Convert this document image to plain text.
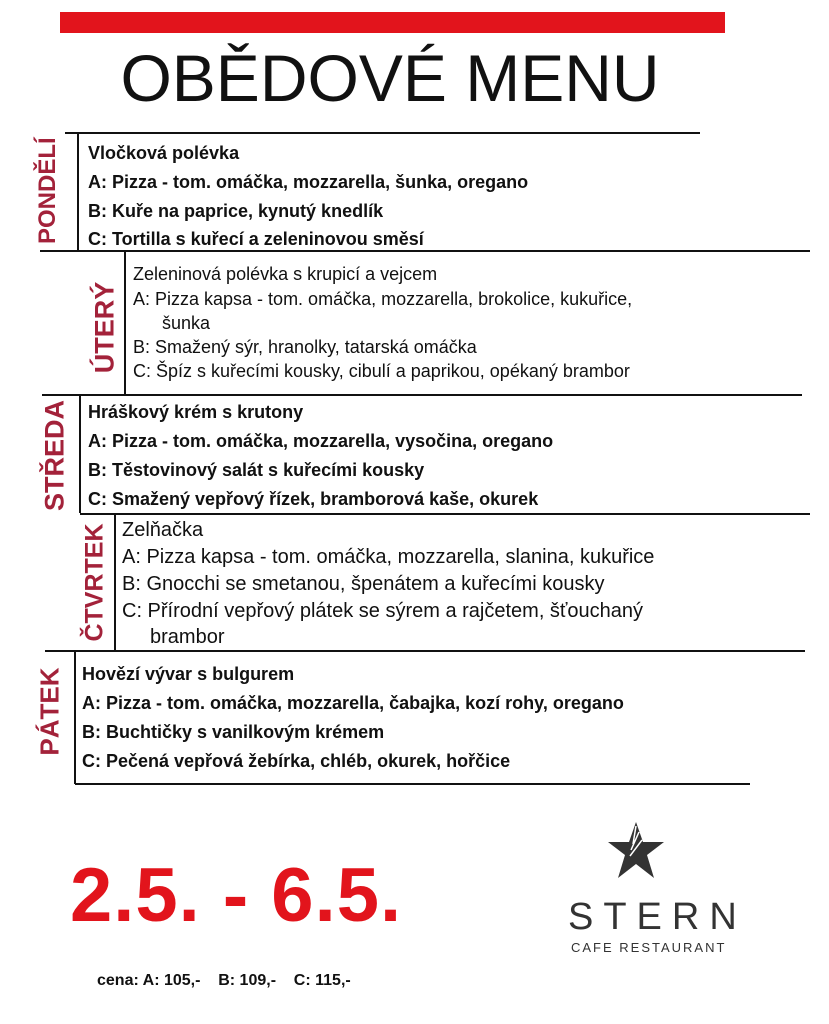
OBĚDOVÉ MENU
PONDĚLÍ Vločková polévka
A: Pizza - tom. omáčka, mozzarella, šunka, oregano
B: Kuře na paprice, kynutý knedlík
C: Tortilla s kuřecí a zeleninovou směsí
ÚTERÝ
Zeleninová polévka s krupicí a vejcem
A: Pizza kapsa - tom. omáčka, mozzarella, brokolice, kukuřice,
šunka
B: Smažený sýr, hranolky, tatarská omáčka
C: Špíz s kuřecími kousky, cibulí a paprikou, opékaný brambor
STŘEDA Hráškový krém s krutony
A: Pizza - tom. omáčka, mozzarella, vysočina, oregano
B: Těstovinový salát s kuřecími kousky
C: Smažený vepřový řízek, bramborová kaše, okurek
ČTVRTEK Zelňačka
A: Pizza kapsa - tom. omáčka, mozzarella, slanina, kukuřice
B: Gnocchi se smetanou, špenátem a kuřecími kousky
C: Přírodní vepřový plátek se sýrem a rajčetem, šťouchaný
brambor
PÁTEK Hovězí vývar s bulgurem
A: Pizza - tom. omáčka, mozzarella, čabajka, kozí rohy, oregano
B: Buchtičky s vanilkovým krémem
C: Pečená vepřová žebírka, chléb, okurek, hořčice
2.5. - 6.5.
cena: A: 105,-    B: 109,-    C: 115,-
STERN
CAFE RESTAURANT
